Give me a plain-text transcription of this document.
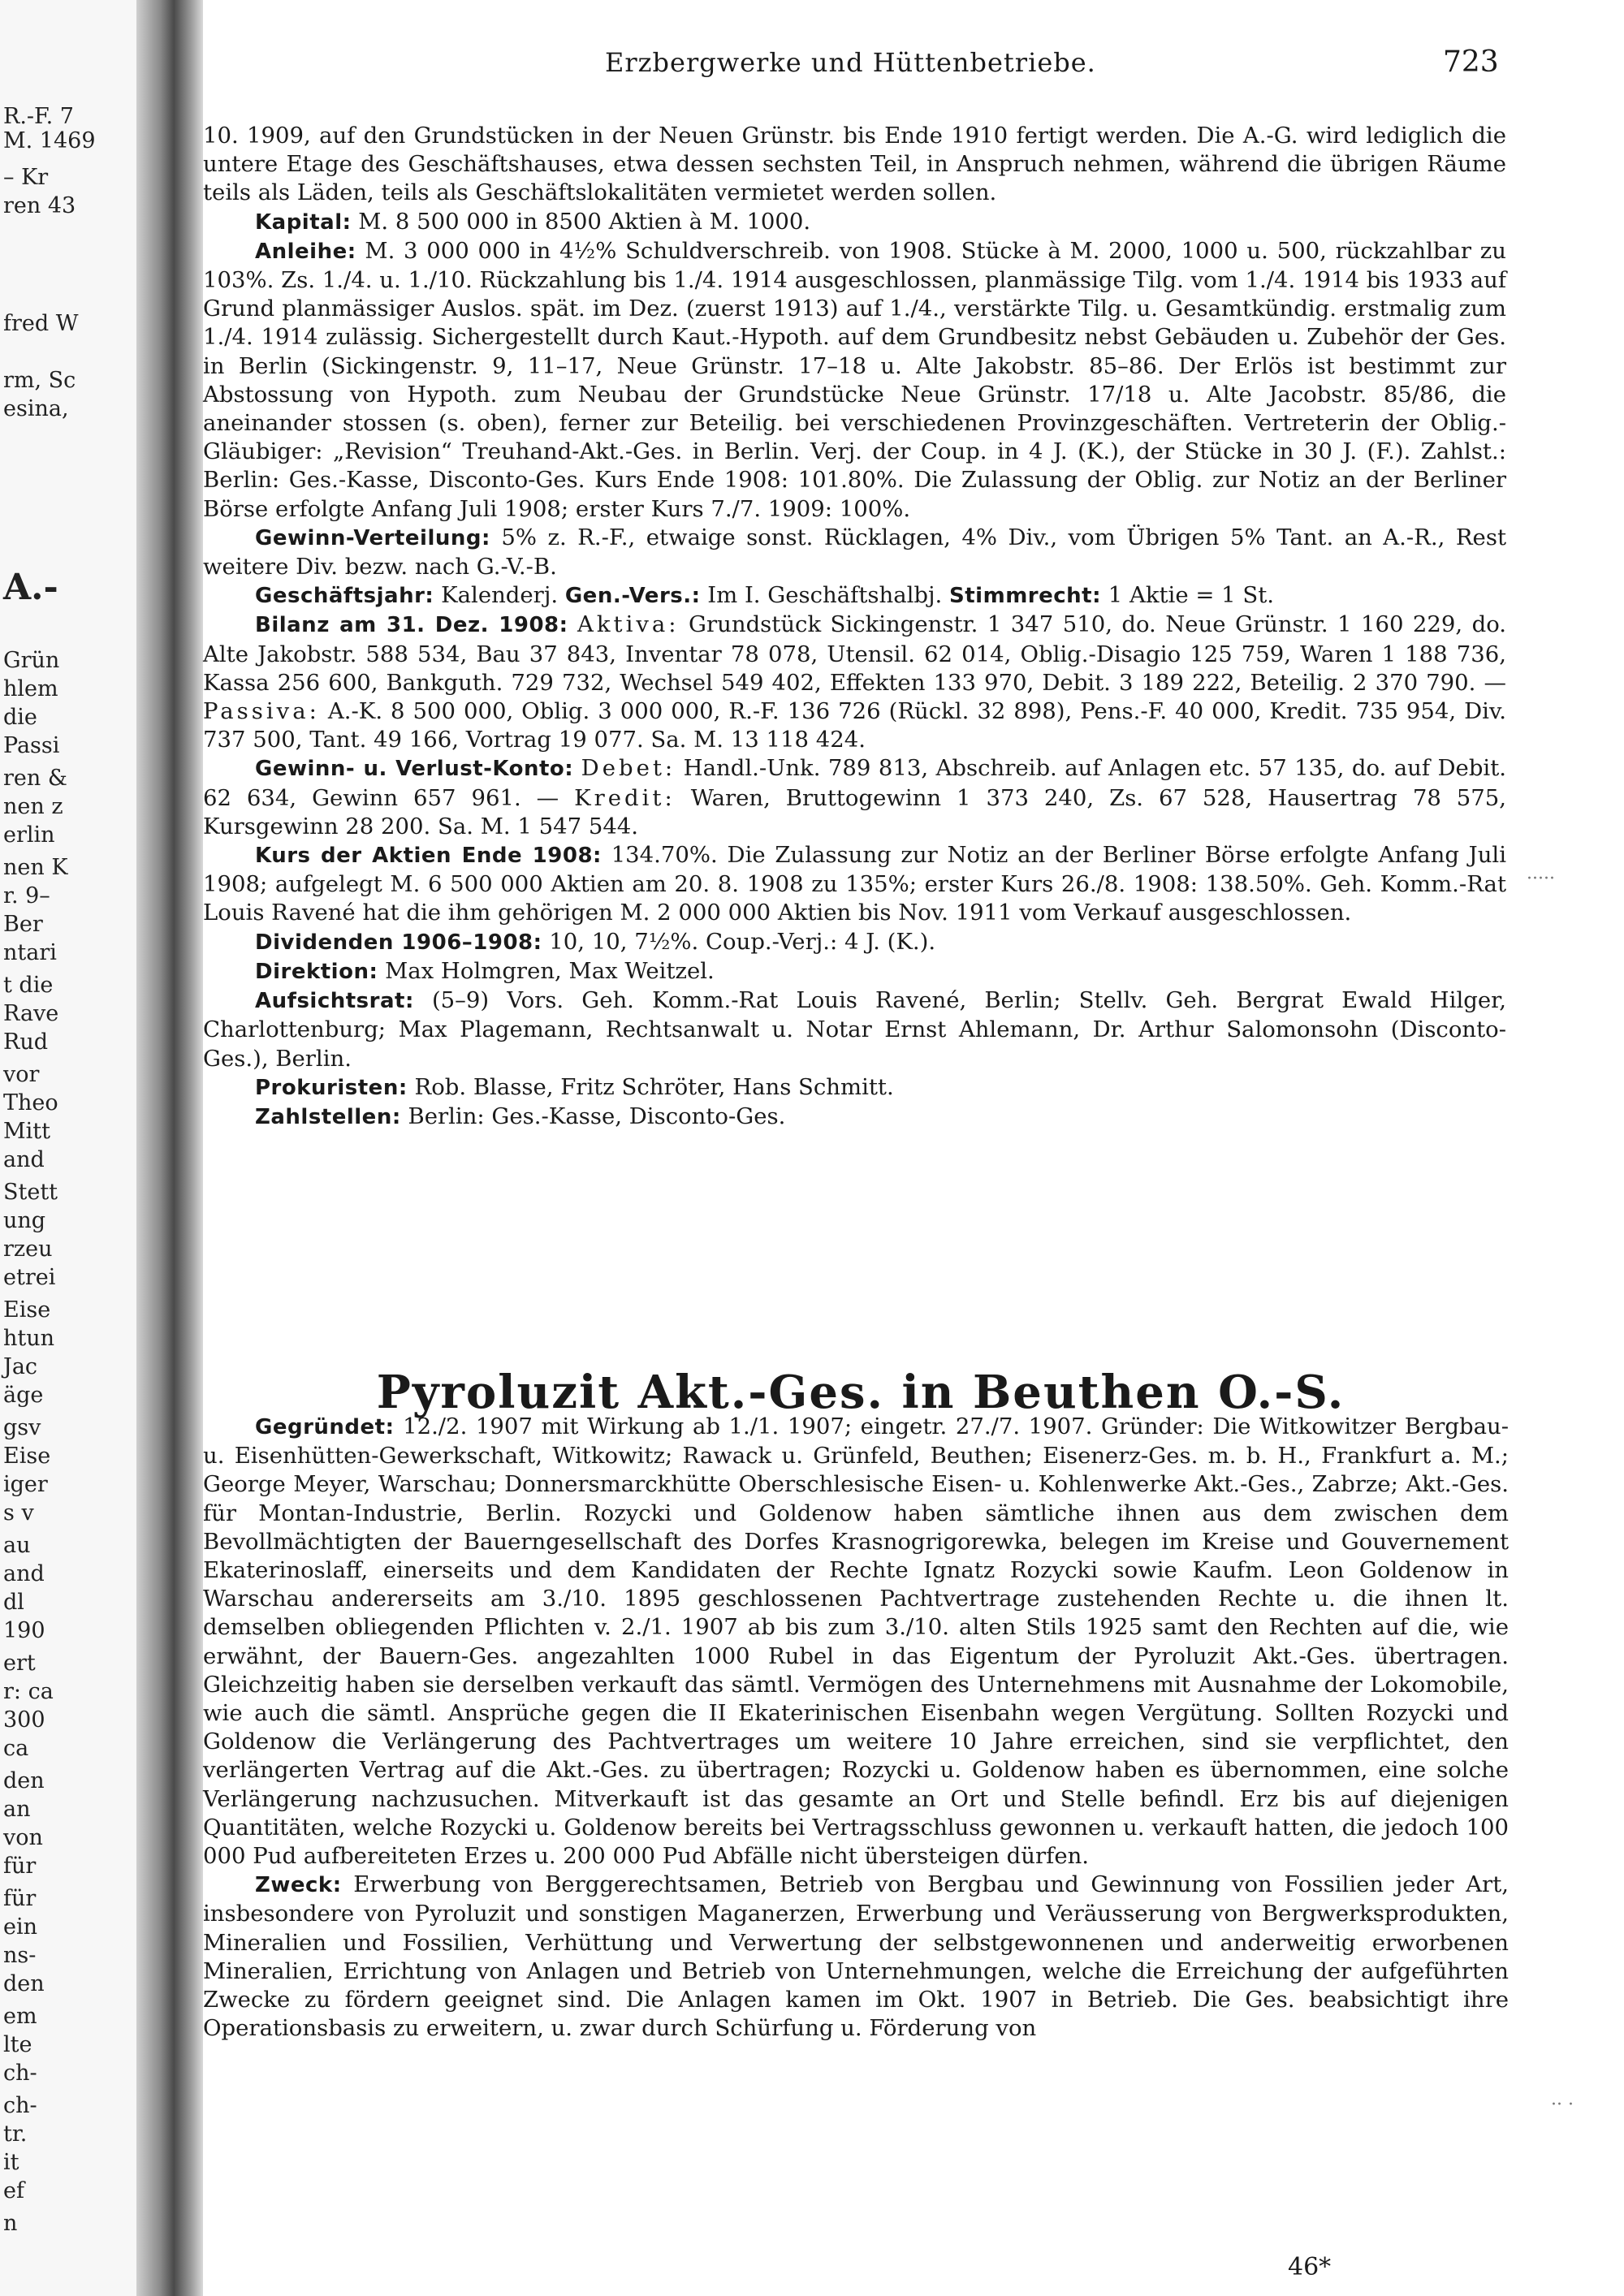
R.-F. 7
M. 1469
– Kr
ren 43
fred W
rm, Sc
esina,
A.-
Grün
hlem
die
Passi
ren &
nen z
erlin
nen K
r. 9–
Ber
ntari
t die
Rave
Rud
vor
Theo
Mitt
and
Stett
ung
rzeu
etrei
Eise
htun
Jac
äge
gsv
Eise
iger
s v
au
and
dl
190
ert
r: ca
300
ca
den
an
von
für
für
ein
ns-
den
em
lte
ch-
ch-
tr.
it
ef
n
Erzbergwerke und Hüttenbetriebe.	723

10. 1909, auf den Grundstücken in der Neuen Grünstr. bis Ende 1910 fertigt werden. Die A.-G. wird lediglich die untere Etage des Geschäftshauses, etwa dessen sechsten Teil, in Anspruch nehmen, während die übrigen Räume teils als Läden, teils als Geschäftslokalitäten vermietet werden sollen.

Kapital: M. 8 500 000 in 8500 Aktien à M. 1000.

Anleihe: M. 3 000 000 in 4½% Schuldverschreib. von 1908. Stücke à M. 2000, 1000 u. 500, rückzahlbar zu 103%. Zs. 1./4. u. 1./10. Rückzahlung bis 1./4. 1914 ausgeschlossen, planmässige Tilg. vom 1./4. 1914 bis 1933 auf Grund planmässiger Auslos. spät. im Dez. (zuerst 1913) auf 1./4., verstärkte Tilg. u. Gesamtkündig. erstmalig zum 1./4. 1914 zulässig. Sichergestellt durch Kaut.-Hypoth. auf dem Grundbesitz nebst Gebäuden u. Zubehör der Ges. in Berlin (Sickingenstr. 9, 11–17, Neue Grünstr. 17–18 u. Alte Jakobstr. 85–86. Der Erlös ist bestimmt zur Abstossung von Hypoth. zum Neubau der Grundstücke Neue Grünstr. 17/18 u. Alte Jacobstr. 85/86, die aneinander stossen (s. oben), ferner zur Beteilig. bei verschiedenen Provinzgeschäften. Vertreterin der Oblig.-Gläubiger: „Revision“ Treuhand-Akt.-Ges. in Berlin. Verj. der Coup. in 4 J. (K.), der Stücke in 30 J. (F.). Zahlst.: Berlin: Ges.-Kasse, Disconto-Ges. Kurs Ende 1908: 101.80%. Die Zulassung der Oblig. zur Notiz an der Berliner Börse erfolgte Anfang Juli 1908; erster Kurs 7./7. 1909: 100%.

Gewinn-Verteilung: 5% z. R.-F., etwaige sonst. Rücklagen, 4% Div., vom Übrigen 5% Tant. an A.-R., Rest weitere Div. bezw. nach G.-V.-B.

Geschäftsjahr: Kalenderj. Gen.-Vers.: Im I. Geschäftshalbj. Stimmrecht: 1 Aktie = 1 St.

Bilanz am 31. Dez. 1908: Aktiva: Grundstück Sickingenstr. 1 347 510, do. Neue Grünstr. 1 160 229, do. Alte Jakobstr. 588 534, Bau 37 843, Inventar 78 078, Utensil. 62 014, Oblig.-Disagio 125 759, Waren 1 188 736, Kassa 256 600, Bankguth. 729 732, Wechsel 549 402, Effekten 133 970, Debit. 3 189 222, Beteilig. 2 370 790. — Passiva: A.-K. 8 500 000, Oblig. 3 000 000, R.-F. 136 726 (Rückl. 32 898), Pens.-F. 40 000, Kredit. 735 954, Div. 737 500, Tant. 49 166, Vortrag 19 077. Sa. M. 13 118 424.

Gewinn- u. Verlust-Konto: Debet: Handl.-Unk. 789 813, Abschreib. auf Anlagen etc. 57 135, do. auf Debit. 62 634, Gewinn 657 961. — Kredit: Waren, Bruttogewinn 1 373 240, Zs. 67 528, Hausertrag 78 575, Kursgewinn 28 200. Sa. M. 1 547 544.

Kurs der Aktien Ende 1908: 134.70%. Die Zulassung zur Notiz an der Berliner Börse erfolgte Anfang Juli 1908; aufgelegt M. 6 500 000 Aktien am 20. 8. 1908 zu 135%; erster Kurs 26./8. 1908: 138.50%. Geh. Komm.-Rat Louis Ravené hat die ihm gehörigen M. 2 000 000 Aktien bis Nov. 1911 vom Verkauf ausgeschlossen.

Dividenden 1906–1908: 10, 10, 7½%. Coup.-Verj.: 4 J. (K.).

Direktion: Max Holmgren, Max Weitzel.

Aufsichtsrat: (5–9) Vors. Geh. Komm.-Rat Louis Ravené, Berlin; Stellv. Geh. Bergrat Ewald Hilger, Charlottenburg; Max Plagemann, Rechtsanwalt u. Notar Ernst Ahlemann, Dr. Arthur Salomonsohn (Disconto-Ges.), Berlin.

Prokuristen: Rob. Blasse, Fritz Schröter, Hans Schmitt.

Zahlstellen: Berlin: Ges.-Kasse, Disconto-Ges.

Pyroluzit Akt.-Ges. in Beuthen O.-S.

Gegründet: 12./2. 1907 mit Wirkung ab 1./1. 1907; eingetr. 27./7. 1907. Gründer: Die Witkowitzer Bergbau- u. Eisenhütten-Gewerkschaft, Witkowitz; Rawack u. Grünfeld, Beuthen; Eisenerz-Ges. m. b. H., Frankfurt a. M.; George Meyer, Warschau; Donnersmarckhütte Oberschlesische Eisen- u. Kohlenwerke Akt.-Ges., Zabrze; Akt.-Ges. für Montan-Industrie, Berlin. Rozycki und Goldenow haben sämtliche ihnen aus dem zwischen dem Bevollmächtigten der Bauerngesellschaft des Dorfes Krasnogrigorewka, belegen im Kreise und Gouvernement Ekaterinoslaff, einerseits und dem Kandidaten der Rechte Ignatz Rozycki sowie Kaufm. Leon Goldenow in Warschau andererseits am 3./10. 1895 geschlossenen Pachtvertrage zustehenden Rechte u. die ihnen lt. demselben obliegenden Pflichten v. 2./1. 1907 ab bis zum 3./10. alten Stils 1925 samt den Rechten auf die, wie erwähnt, der Bauern-Ges. angezahlten 1000 Rubel in das Eigentum der Pyroluzit Akt.-Ges. übertragen. Gleichzeitig haben sie derselben verkauft das sämtl. Vermögen des Unternehmens mit Ausnahme der Lokomobile, wie auch die sämtl. Ansprüche gegen die II Ekaterinischen Eisenbahn wegen Vergütung. Sollten Rozycki und Goldenow die Verlängerung des Pachtvertrages um weitere 10 Jahre erreichen, sind sie verpflichtet, den verlängerten Vertrag auf die Akt.-Ges. zu übertragen; Rozycki u. Goldenow haben es übernommen, eine solche Verlängerung nachzusuchen. Mitverkauft ist das gesamte an Ort und Stelle befindl. Erz bis auf diejenigen Quantitäten, welche Rozycki u. Goldenow bereits bei Vertragsschluss gewonnen u. verkauft hatten, die jedoch 100 000 Pud aufbereiteten Erzes u. 200 000 Pud Abfälle nicht übersteigen dürfen.

Zweck: Erwerbung von Berggerechtsamen, Betrieb von Bergbau und Gewinnung von Fossilien jeder Art, insbesondere von Pyroluzit und sonstigen Maganerzen, Erwerbung und Veräusserung von Bergwerksprodukten, Mineralien und Fossilien, Verhüttung und Verwertung der selbstgewonnenen und anderweitig erworbenen Mineralien, Errichtung von Anlagen und Betrieb von Unternehmungen, welche die Erreichung der aufgeführten Zwecke zu fördern geeignet sind. Die Anlagen kamen im Okt. 1907 in Betrieb. Die Ges. beabsichtigt ihre Operationsbasis zu erweitern, u. zwar durch Schürfung u. Förderung von

46*
·····
·· ·
